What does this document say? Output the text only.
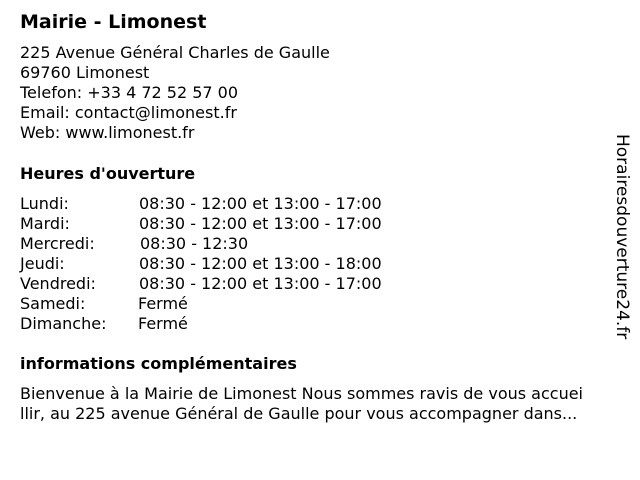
Mairie - Limonest
225 Avenue Général Charles de Gaulle
69760 Limonest
Telefon: +33 4 72 52 57 00
Email: contact@limonest.fr
Web: www.limonest.fr
Heures d'ouverture
Lundi:	08:30 - 12:00 et 13:00 - 17:00
Mardi:	08:30 - 12:00 et 13:00 - 17:00
Mercredi:	08:30 - 12:30
Jeudi:	08:30 - 12:00 et 13:00 - 18:00
Vendredi:	08:30 - 12:00 et 13:00 - 17:00
Samedi:	Fermé
Dimanche: Fermé
informations complémentaires
Bienvenue à la Mairie de Limonest Nous sommes ravis de vous accuei
llir, au 225 avenue Général de Gaulle pour vous accompagner dans...
Horairesdouverture24.fr
